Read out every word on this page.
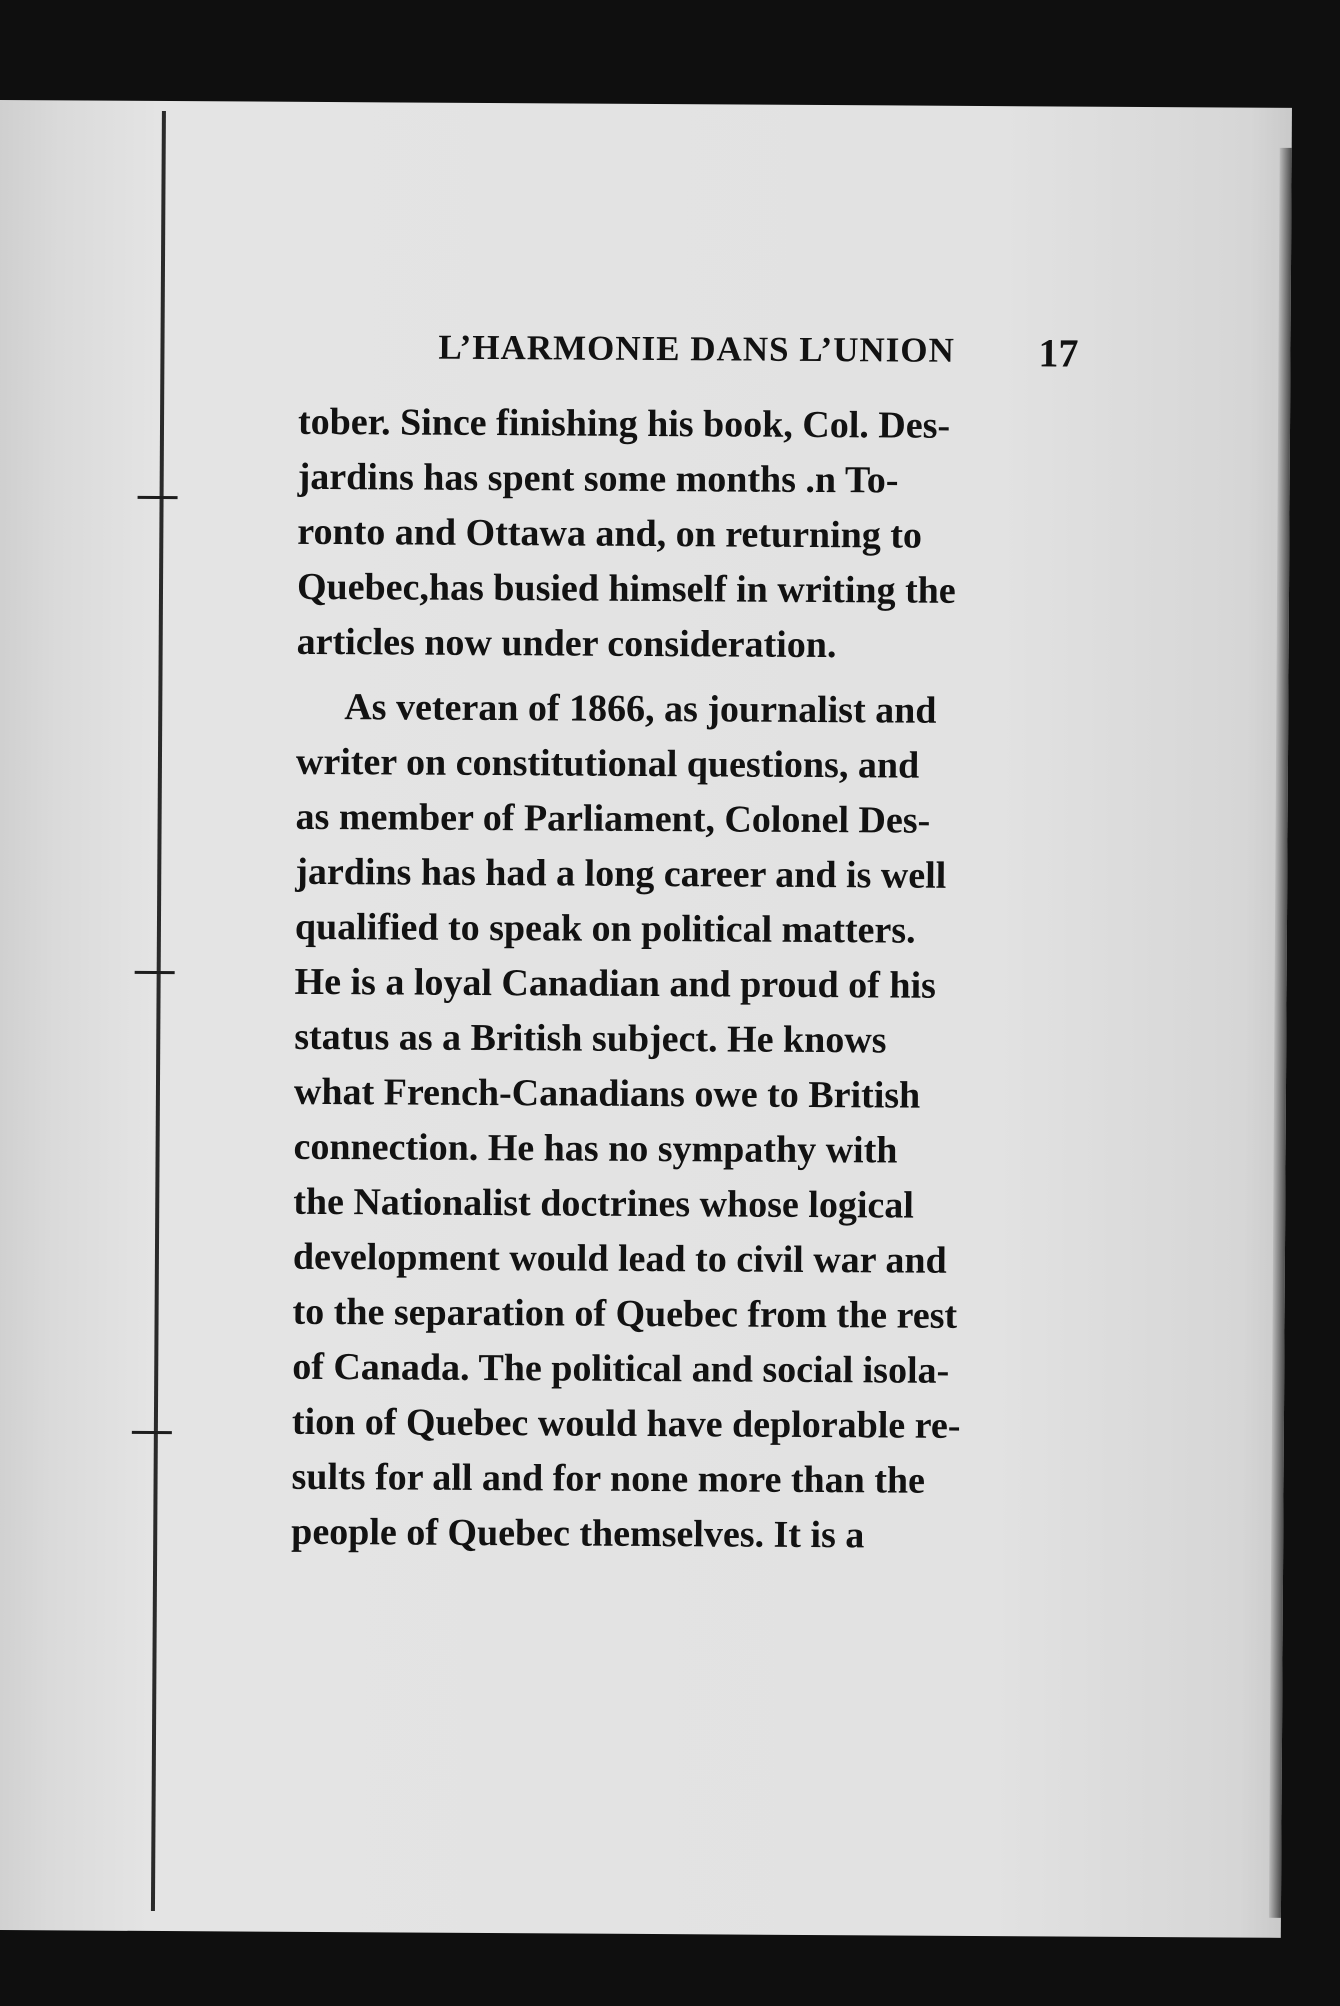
L’HARMONIE DANS L’UNION 17
tober. Since finishing his book, Col. Des-
jardins has spent some months .n To-
ronto and Ottawa and, on returning to
Quebec,has busied himself in writing the
articles now under consideration.
As veteran of 1866, as journalist and
writer on constitutional questions, and
as member of Parliament, Colonel Des-
jardins has had a long career and is well
qualified to speak on political matters.
He is a loyal Canadian and proud of his
status as a British subject. He knows
what French-Canadians owe to British
connection. He has no sympathy with
the Nationalist doctrines whose logical
development would lead to civil war and
to the separation of Quebec from the rest
of Canada. The political and social isola-
tion of Quebec would have deplorable re-
sults for all and for none more than the
people of Quebec themselves. It is a
